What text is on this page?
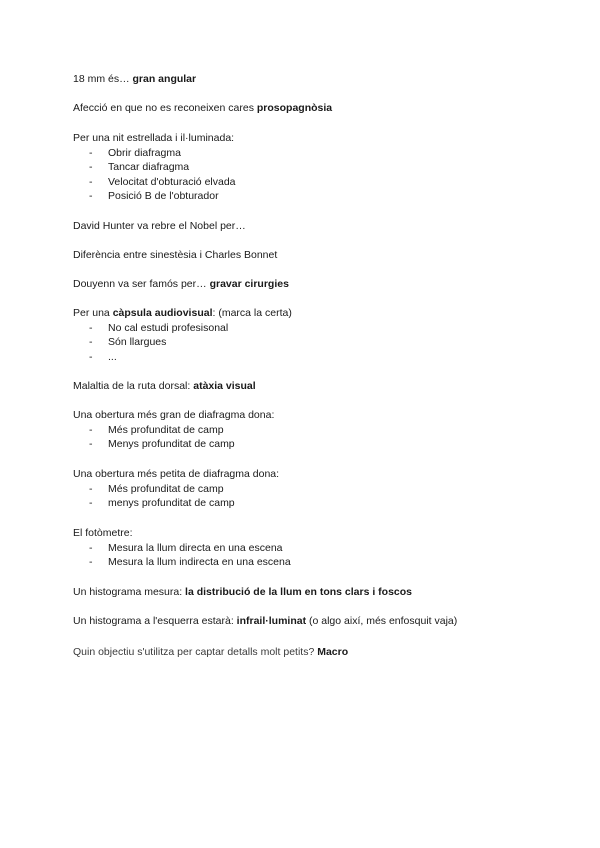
18 mm és… gran angular
Afecció en que no es reconeixen cares prosopagnòsia
Per una nit estrellada i il·luminada:
- Obrir diafragma
- Tancar diafragma
- Velocitat d'obturació elvada
- Posició B de l'obturador
David Hunter va rebre el Nobel per…
Diferència entre sinestèsia i Charles Bonnet
Douyenn va ser famós per… gravar cirurgies
Per una càpsula audiovisual: (marca la certa)
- No cal estudi profesisonal
- Són llargues
- ...
Malaltia de la ruta dorsal: atàxia visual
Una obertura més gran de diafragma dona:
- Més profunditat de camp
- Menys profunditat de camp
Una obertura més petita de diafragma dona:
- Més profunditat de camp
- menys profunditat de camp
El fotòmetre:
- Mesura la llum directa en una escena
- Mesura la llum indirecta en una escena
Un histograma mesura: la distribució de la llum en tons clars i foscos
Un histograma a l'esquerra estarà: infrail·luminat (o algo així, més enfosquit vaja)
Quin objectiu s'utilitza per captar detalls molt petits? Macro
